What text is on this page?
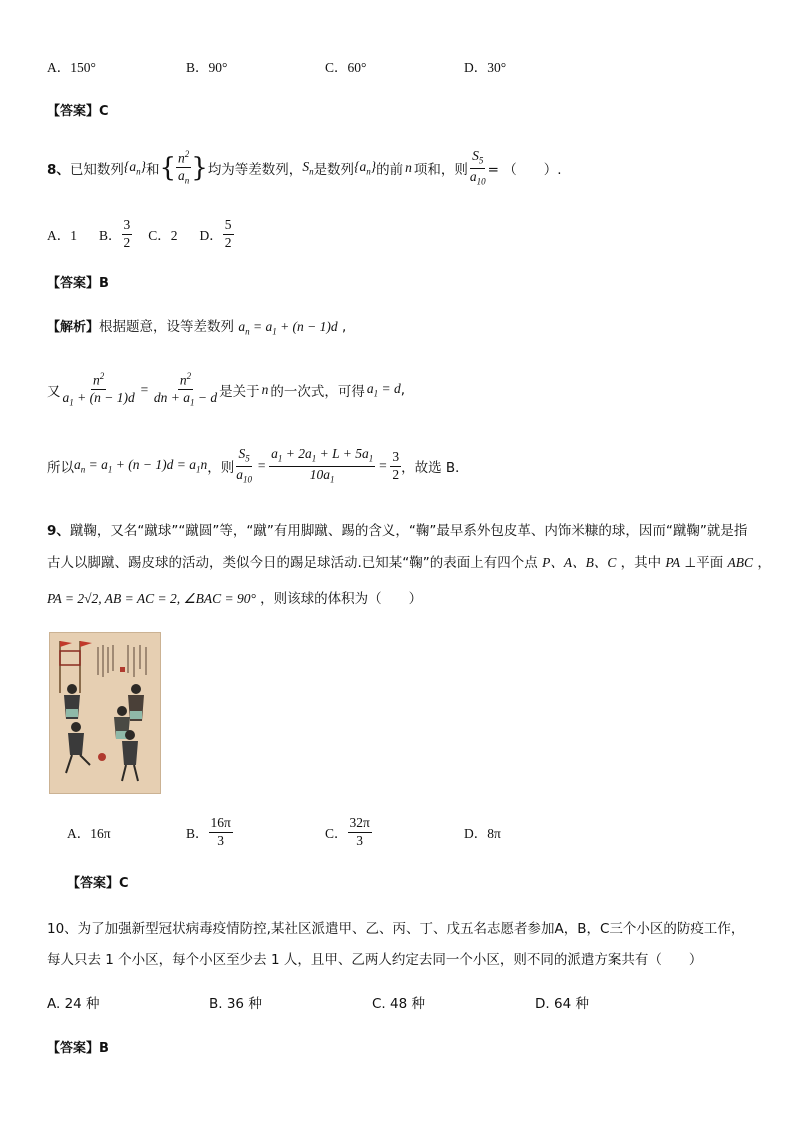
A．150°	B．90°	C．60°	D．30°
【答案】C
8、 已知数列 $\{a_n\}$ 和 { $\frac{n^2}{a_n}$ } 均为等差数列， $S_n$ 是数列 $\{a_n\}$ 的前 n 项和，则 $\frac{S_5}{a_{10}}$ = （　　）.
A．1 B． $\frac{3}{2}$ C．2 D． $\frac{5}{2}$
【答案】B
【解析】根据题意，设等差数列 $a_n = a_1 + (n - 1)d$ ,
又 $\frac{n^2}{a_1 + (n - 1)d} = \frac{n^2}{dn + a_1 - d}$ 是关于 n 的一次式，可得 $a_1 = d$ ,
所以 $a_n = a_1 + (n - 1)d = a_1n$ ，则 $\frac{S_5}{a_{10}} = \frac{a_1 + 2a_1 + L + 5a_1}{10a_1} = \frac{3}{2}$ ，故选 B．
9、蹴鞠，又名“蹴球”“蹴圆”等，“蹴”有用脚蹴、踢的含义，“鞠”最早系外包皮革、内饰米糠的球，因而“蹴鞠”就是指
古人以脚蹴、踢皮球的活动，类似今日的踢足球活动.已知某“鞠”的表面上有四个点 P、A、B、C ，其中 PA ⊥平面 ABC ，
PA = 2√2, AB = AC = 2, ∠BAC = 90° ，则该球的体积为（　　）
A．16π	B． $\frac{16\pi}{3}$	C． $\frac{32\pi}{3}$	D．8π
【答案】C
10、为了加强新型冠状病毒疫情防控,某社区派遣甲、乙、丙、丁、戊五名志愿者参加A，B，C三个小区的防疫工作，
每人只去 1 个小区，每个小区至少去 1 人，且甲、乙两人约定去同一个小区，则不同的派遣方案共有（　　）
A. 24 种	B. 36 种	C. 48 种	D. 64 种
【答案】B
